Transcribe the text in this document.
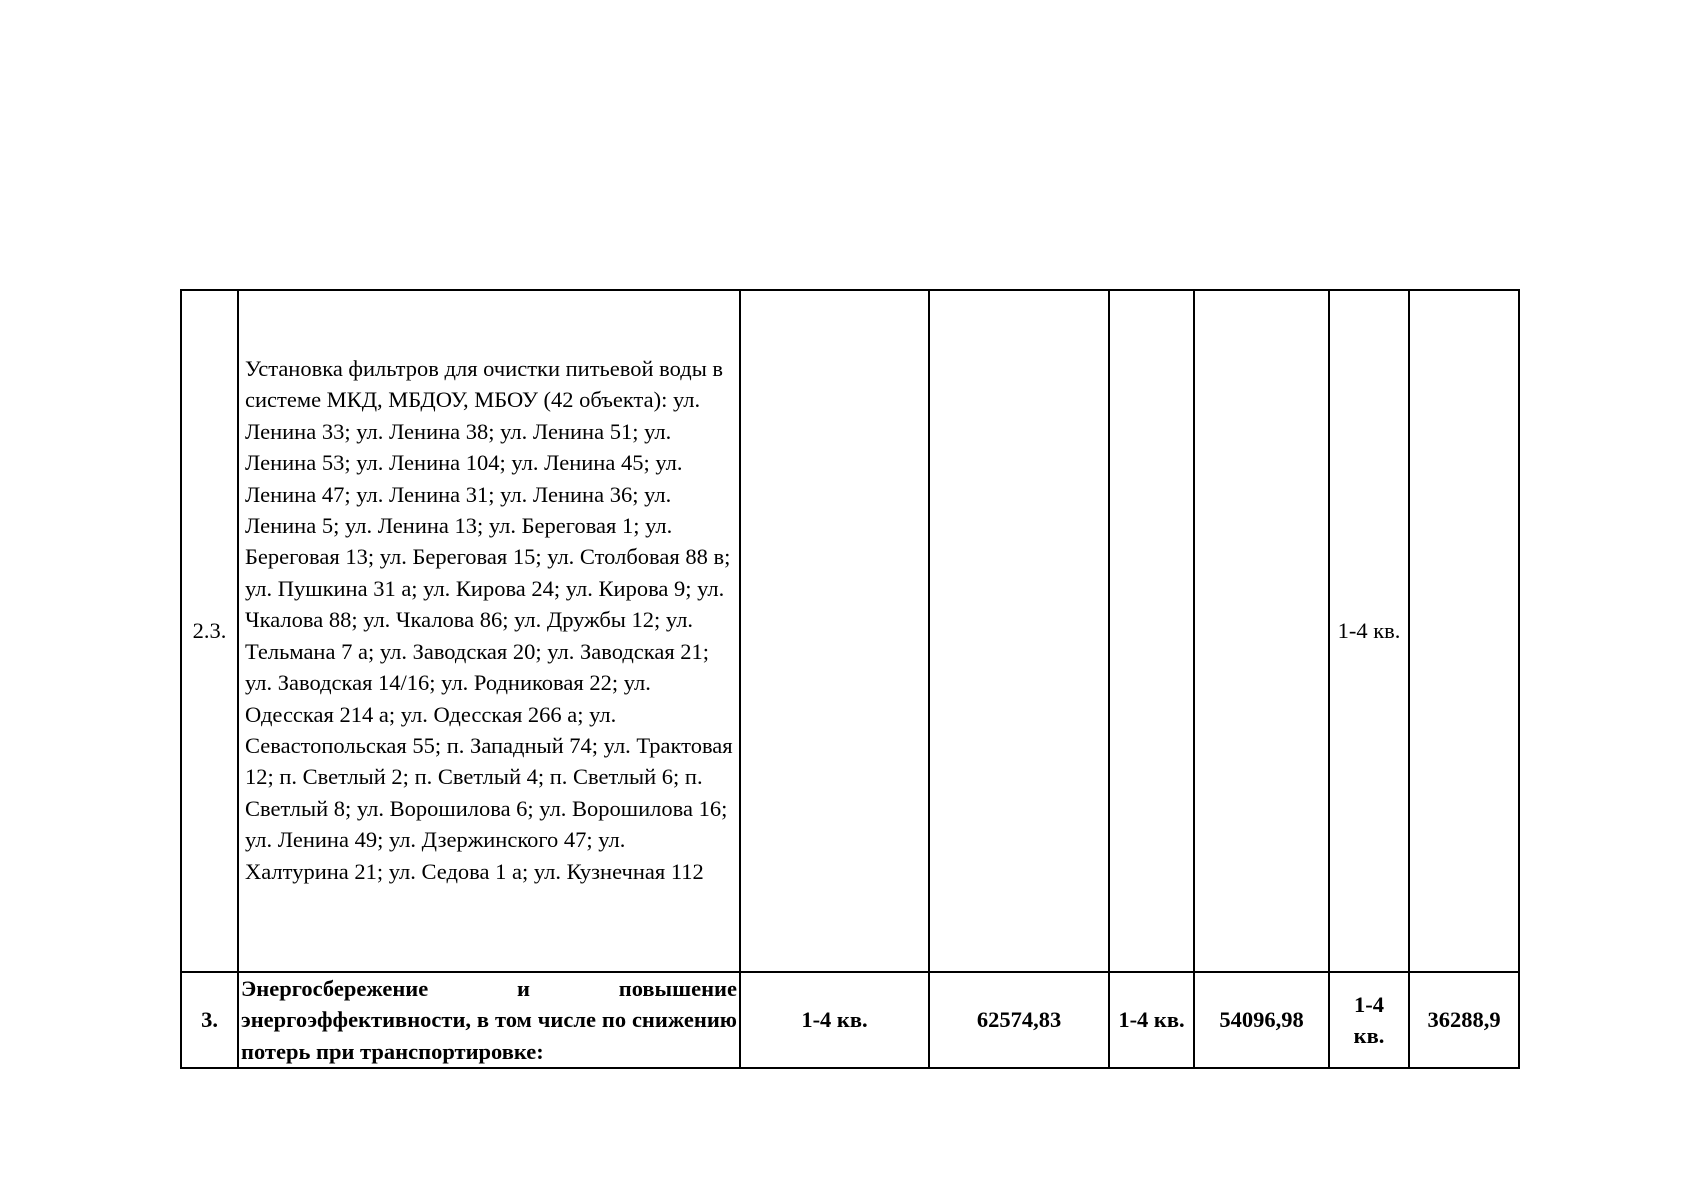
2.3.	Установка фильтров для очистки питьевой воды в системе МКД, МБДОУ, МБОУ (42 объекта): ул. Ленина 33; ул. Ленина 38; ул. Ленина 51; ул. Ленина 53; ул. Ленина 104; ул. Ленина 45; ул. Ленина 47; ул. Ленина 31; ул. Ленина 36; ул. Ленина 5; ул. Ленина 13; ул. Береговая 1; ул. Береговая 13; ул. Береговая 15; ул. Столбовая 88 в; ул. Пушкина 31 а; ул. Кирова 24; ул. Кирова 9; ул. Чкалова 88; ул. Чкалова 86; ул. Дружбы 12; ул. Тельмана 7 а; ул. Заводская 20; ул. Заводская 21; ул. Заводская 14/16; ул. Родниковая 22; ул. Одесская 214 а; ул. Одесская 266 а; ул. Севастопольская 55; п. Западный 74; ул. Трактовая 12; п. Светлый 2; п. Светлый 4; п. Светлый 6; п. Светлый 8; ул. Ворошилова 6; ул. Ворошилова 16; ул. Ленина 49; ул. Дзержинского 47; ул. Халтурина 21; ул. Седова 1 а; ул. Кузнечная 112					1-4 кв.	
3.	Энергосбережение и повышение энергоэффективности, в том числе по снижению потерь при транспортировке:	1-4 кв.	62574,83	1-4 кв.	54096,98	1-4 кв.	36288,9
